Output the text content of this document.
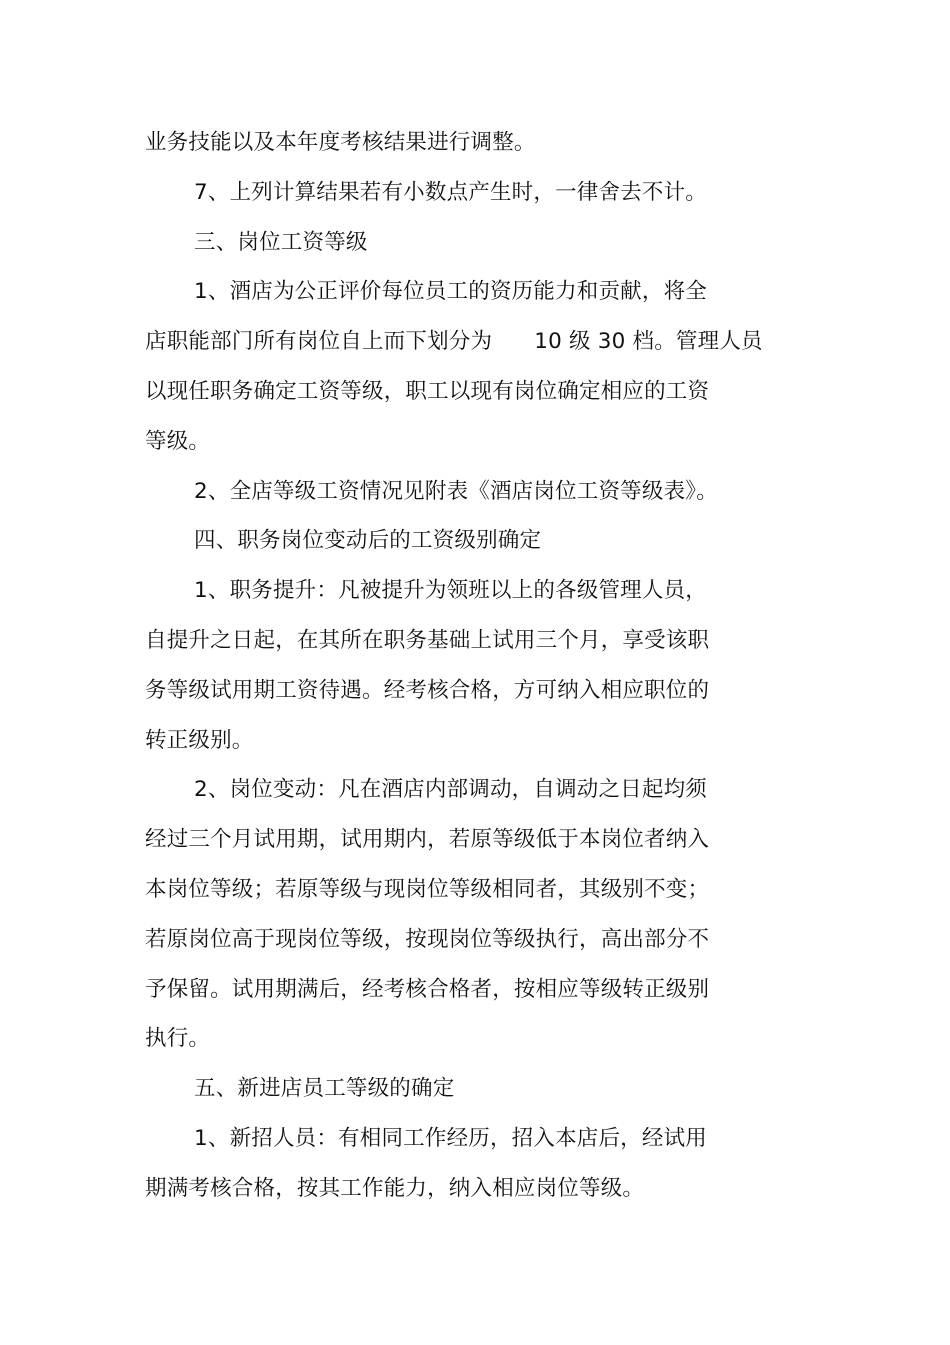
业务技能以及本年度考核结果进行调整。
7、上列计算结果若有小数点产生时，一律舍去不计。
三、岗位工资等级
1、酒店为公正评价每位员工的资历能力和贡献，将全
店职能部门所有岗位自上而下划分为 10 级 30 档。管理人员
以现任职务确定工资等级，职工以现有岗位确定相应的工资
等级。
2、全店等级工资情况见附表《酒店岗位工资等级表》。
四、职务岗位变动后的工资级别确定
1、职务提升：凡被提升为领班以上的各级管理人员，
自提升之日起，在其所在职务基础上试用三个月，享受该职
务等级试用期工资待遇。经考核合格，方可纳入相应职位的
转正级别。
2、岗位变动：凡在酒店内部调动，自调动之日起均须
经过三个月试用期，试用期内，若原等级低于本岗位者纳入
本岗位等级；若原等级与现岗位等级相同者，其级别不变；
若原岗位高于现岗位等级，按现岗位等级执行，高出部分不
予保留。试用期满后，经考核合格者，按相应等级转正级别
执行。
五、新进店员工等级的确定
1、新招人员：有相同工作经历，招入本店后，经试用
期满考核合格，按其工作能力，纳入相应岗位等级。
